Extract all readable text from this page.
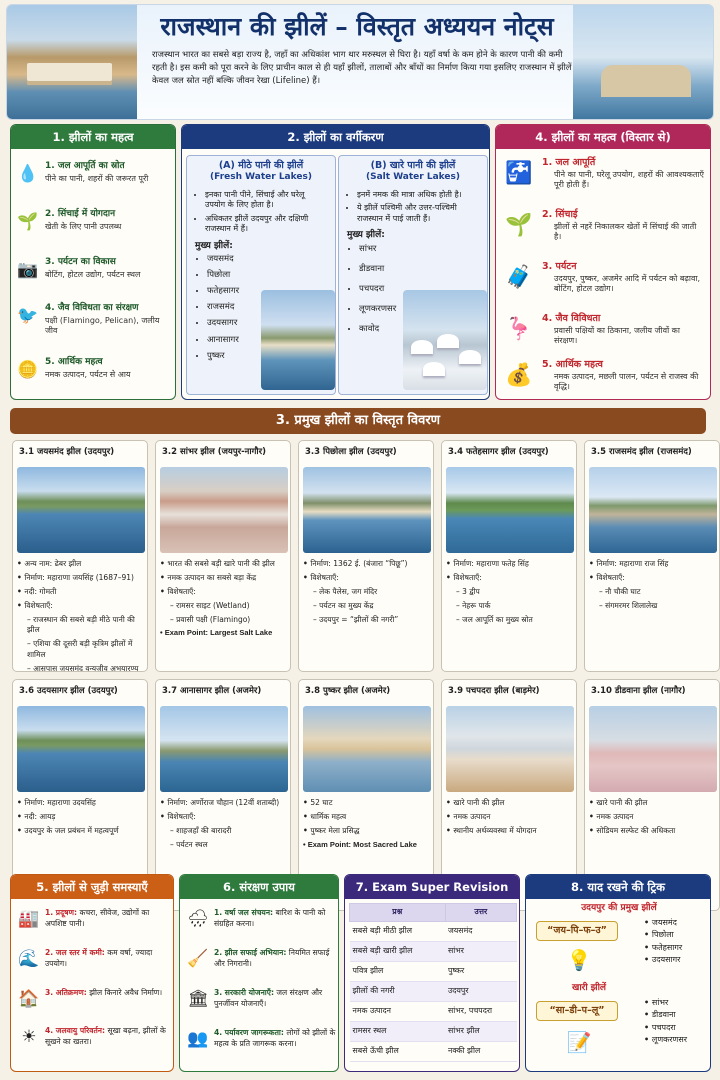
राजस्थान की झीलें – विस्तृत अध्ययन नोट्स
राजस्थान भारत का सबसे बड़ा राज्य है, जहाँ का अधिकांश भाग थार मरुस्थल से घिरा है। यहाँ वर्षा के कम होने के कारण पानी की कमी रहती है। इस कमी को पूरा करने के लिए प्राचीन काल से ही यहाँ झीलों, तालाबों और बाँधों का निर्माण किया गया इसलिए राजस्थान में झीलें केवल जल स्रोत नहीं बल्कि जीवन रेखा (Lifeline) हैं।
1. झीलों का महत्व
💧 1. जल आपूर्ति का स्रोत
पीने का पानी, शहरों की जरूरत पूरी
🌱 2. सिंचाई में योगदान
खेती के लिए पानी उपलब्ध
📷 3. पर्यटन का विकास
बोटिंग, होटल उद्योग, पर्यटन स्थल
🐦 4. जैव विविधता का संरक्षण
पक्षी (Flamingo, Pelican), जलीय जीव
🪙 5. आर्थिक महत्व
नमक उत्पादन, पर्यटन से आय
2. झीलों का वर्गीकरण
(A) मीठे पानी की झीलें
(Fresh Water Lakes)
• इनका पानी पीने, सिंचाई और घरेलू उपयोग के लिए होता है।
• अधिकतर झीलें उदयपुर और दक्षिणी राजस्थान में हैं।
मुख्य झीलें:
• जयसमंद
• पिछोला
• फतेहसागर
• राजसमंद
• उदयसागर
• आनासागर
• पुष्कर
(B) खारे पानी की झीलें
(Salt Water Lakes)
• इनमें नमक की मात्रा अधिक होती है।
• ये झीलें पश्चिमी और उत्तर-पश्चिमी राजस्थान में पाई जाती हैं।
मुख्य झीलें:
• सांभर
• डीडवाना
• पचपदरा
• लूणकरणसर
• कावोद
4. झीलों का महत्व (विस्तार से)
🚰 1. जल आपूर्ति
पीने का पानी, घरेलू उपयोग, शहरों की आवश्यकताएँ पूरी होती हैं।
🌱 2. सिंचाई
झीलों से नहरें निकालकर खेतों में सिंचाई की जाती है।
🧳 3. पर्यटन
उदयपुर, पुष्कर, अजमेर आदि में पर्यटन को बढ़ावा, बोटिंग, होटल उद्योग।
🦩 4. जैव विविधता
प्रवासी पक्षियों का ठिकाना, जलीय जीवों का संरक्षण।
💰 5. आर्थिक महत्व
नमक उत्पादन, मछली पालन, पर्यटन से राजस्व की वृद्धि।
3. प्रमुख झीलों का विस्तृत विवरण
3.1 जयसमंद झील (उदयपुर)
• अन्य नाम: ढेबर झील
• निर्माण: महाराणा जयसिंह (1687–91)
• नदी: गोमती
• विशेषताएँ:
– राजस्थान की सबसे बड़ी मीठे पानी की झील
– एशिया की दूसरी बड़ी कृत्रिम झीलों में शामिल
– आसपास जयसमंद वन्यजीव अभयारण्य
3.2 सांभर झील (जयपुर-नागौर)
• भारत की सबसे बड़ी खारे पानी की झील
• नमक उत्पादन का सबसे बड़ा केंद्र
• विशेषताएँ:
– रामसर साइट (Wetland)
– प्रवासी पक्षी (Flamingo)
• Exam Point: Largest Salt Lake
3.3 पिछोला झील (उदयपुर)
• निर्माण: 1362 ई. (बंजारा “पिछू”)
• विशेषताएँ:
– लेक पैलेस, जग मंदिर
– पर्यटन का मुख्य केंद्र
– उदयपुर = “झीलों की नगरी”
3.4 फतेहसागर झील (उदयपुर)
• निर्माण: महाराणा फतेह सिंह
• विशेषताएँ:
– 3 द्वीप
– नेहरू पार्क
– जल आपूर्ति का मुख्य स्रोत
3.5 राजसमंद झील (राजसमंद)
• निर्माण: महाराणा राज सिंह
• विशेषताएँ:
– नौ चौकी घाट
– संगमरमर शिलालेख
3.6 उदयसागर झील (उदयपुर)
• निर्माण: महाराणा उदयसिंह
• नदी: आयड़
• उदयपुर के जल प्रबंधन में महत्वपूर्ण
3.7 आनासागर झील (अजमेर)
• निर्माण: अर्णोराज चौहान (12वीं शताब्दी)
• विशेषताएँ:
– शाहजहाँ की बारादरी
– पर्यटन स्थल
3.8 पुष्कर झील (अजमेर)
• 52 घाट
• धार्मिक महत्व
• पुष्कर मेला प्रसिद्ध
• Exam Point: Most Sacred Lake
3.9 पचपदरा झील (बाड़मेर)
• खारे पानी की झील
• नमक उत्पादन
• स्थानीय अर्थव्यवस्था में योगदान
3.10 डीडवाना झील (नागौर)
• खारे पानी की झील
• नमक उत्पादन
• सोडियम सल्फेट की अधिकता
5. झीलों से जुड़ी समस्याएँ
🏭 1. प्रदूषण: कचरा, सीवेज, उद्योगों का अपशिष्ट पानी।
🌊 2. जल स्तर में कमी: कम वर्षा, ज्यादा उपयोग।
🏠 3. अतिक्रमण: झील किनारे अवैध निर्माण।
☀	4. जलवायु परिवर्तन: सूखा बढ़ना, झीलों के सूखने का खतरा।
6. संरक्षण उपाय
🌧 1. वर्षा जल संचयन: बारिश के पानी को संग्रहित करना।
🧹 2. झील सफाई अभियान: नियमित सफाई और निगरानी।
🏛 3. सरकारी योजनाएँ: जल संरक्षण और पुनर्जीवन योजनाएँ।
👥 4. पर्यावरण जागरूकता: लोगों को झीलों के महत्व के प्रति जागरूक करना।
7. Exam Super Revision
प्रश्न	उत्तर
सबसे बड़ी मीठी झील	जयसमंद
सबसे बड़ी खारी झील	सांभर
पवित्र झील	पुष्कर
झीलों की नगरी	उदयपुर
नमक उत्पादन	सांभर, पचपदरा
रामसर स्थल	सांभर झील
सबसे ऊँची झील	नक्की झील
8. याद रखने की ट्रिक
उदयपुर की प्रमुख झीलें
“जय–पि–फ–उ”
• जयसमंद
• पिछोला
• फतेहसागर
• उदयसागर
💡
खारी झीलें
“सा–डी–प–लू”
• सांभर
• डीडवाना
• पचपदरा
• लूणकरणसर
📝
